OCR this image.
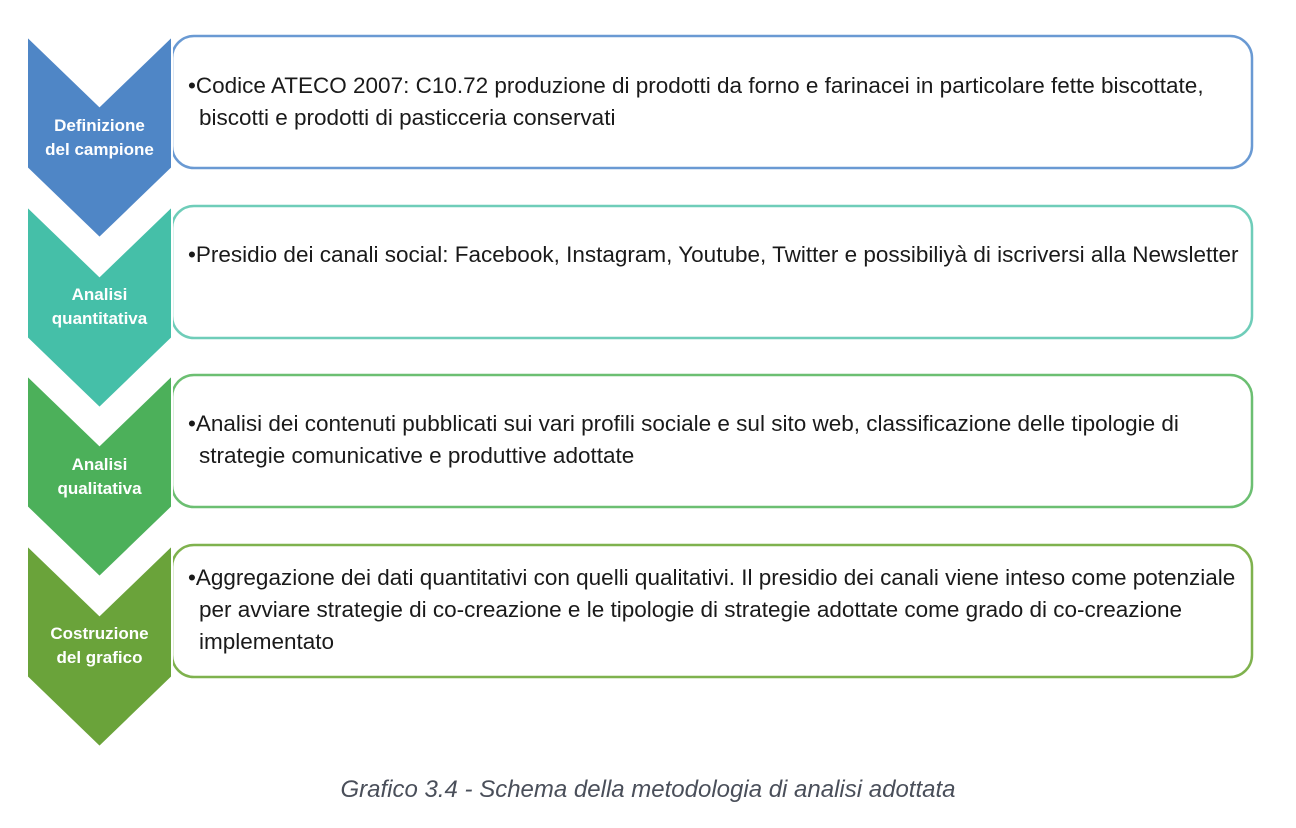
Definizione
del campione
•Codice ATECO 2007: C10.72 produzione di prodotti da forno e farinacei in particolare fette biscottate, biscotti e prodotti di pasticceria conservati
Analisi
quantitativa
•Presidio dei canali social: Facebook, Instagram, Youtube, Twitter e possibiliyà di iscriversi alla Newsletter
Analisi
qualitativa
•Analisi dei contenuti pubblicati sui vari profili sociale e sul sito web, classificazione delle tipologie di strategie comunicative e produttive adottate
Costruzione
del grafico
•Aggregazione dei dati quantitativi con quelli qualitativi. Il presidio dei canali viene inteso come potenziale per avviare strategie di co-creazione e le tipologie di strategie adottate come grado di co-creazione implementato
Grafico 3.4 - Schema della metodologia di analisi adottata
